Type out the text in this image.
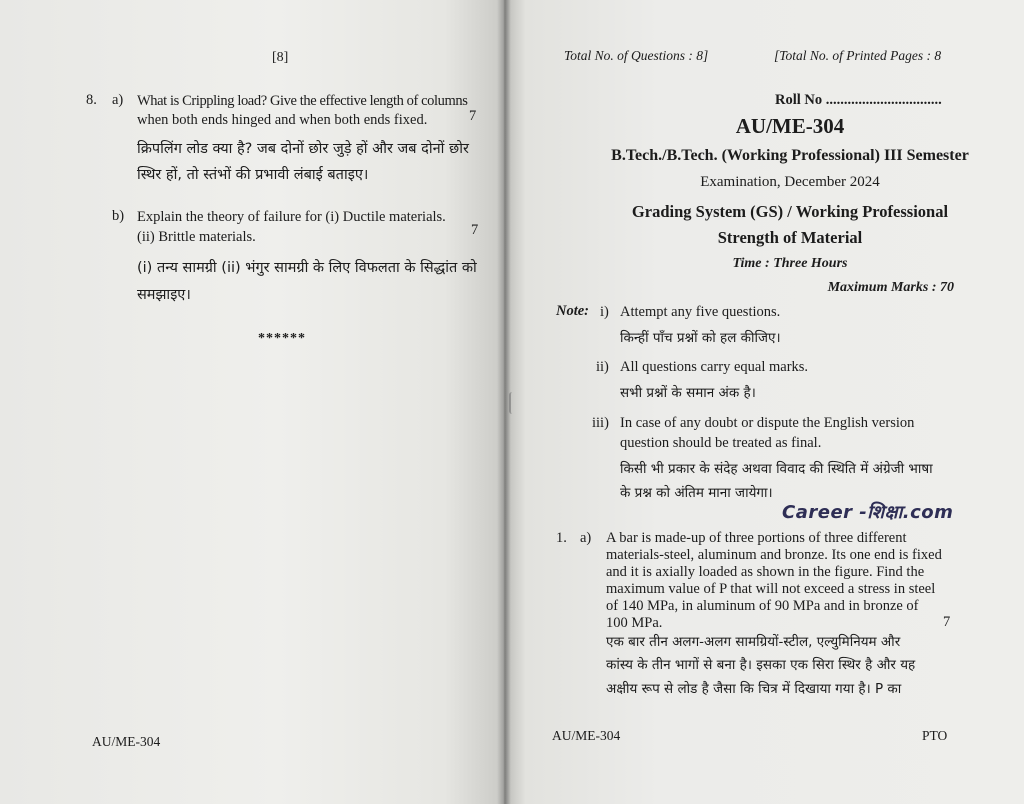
[8]
8. a) What is Crippling load? Give the effective length of columns
when both ends hinged and when both ends fixed.	7
क्रिपलिंग लोड क्या है? जब दोनों छोर जुड़े हों और जब दोनों छोर
स्थिर हों, तो स्तंभों की प्रभावी लंबाई बताइए।
b) Explain the theory of failure for (i) Ductile materials.
(ii) Brittle materials.	7
(i) तन्य सामग्री (ii) भंगुर सामग्री के लिए विफलता के सिद्धांत को
समझाइए।
******
AU/ME-304
Total No. of Questions : 8]	[Total No. of Printed Pages : 8
Roll No ................................
AU/ME-304
B.Tech./B.Tech. (Working Professional) III Semester
Examination, December 2024
Grading System (GS) / Working Professional
Strength of Material
Time : Three Hours
Maximum Marks : 70
Note: i) Attempt any five questions.
किन्हीं पाँच प्रश्नों को हल कीजिए।
ii) All questions carry equal marks.
सभी प्रश्नों के समान अंक है।
iii) In case of any doubt or dispute the English version
question should be treated as final.
किसी भी प्रकार के संदेह अथवा विवाद की स्थिति में अंग्रेजी भाषा
के प्रश्न को अंतिम माना जायेगा।
Career -शिक्षा.com
1. a) A bar is made-up of three portions of three different
materials-steel, aluminum and bronze. Its one end is fixed
and it is axially loaded as shown in the figure. Find the
maximum value of P that will not exceed a stress in steel
of 140 MPa, in aluminum of 90 MPa and in bronze of
100 MPa.	7
एक बार तीन अलग-अलग सामग्रियों-स्टील, एल्युमिनियम और
कांस्य के तीन भागों से बना है। इसका एक सिरा स्थिर है और यह
अक्षीय रूप से लोड है जैसा कि चित्र में दिखाया गया है। P का
AU/ME-304	PTO
